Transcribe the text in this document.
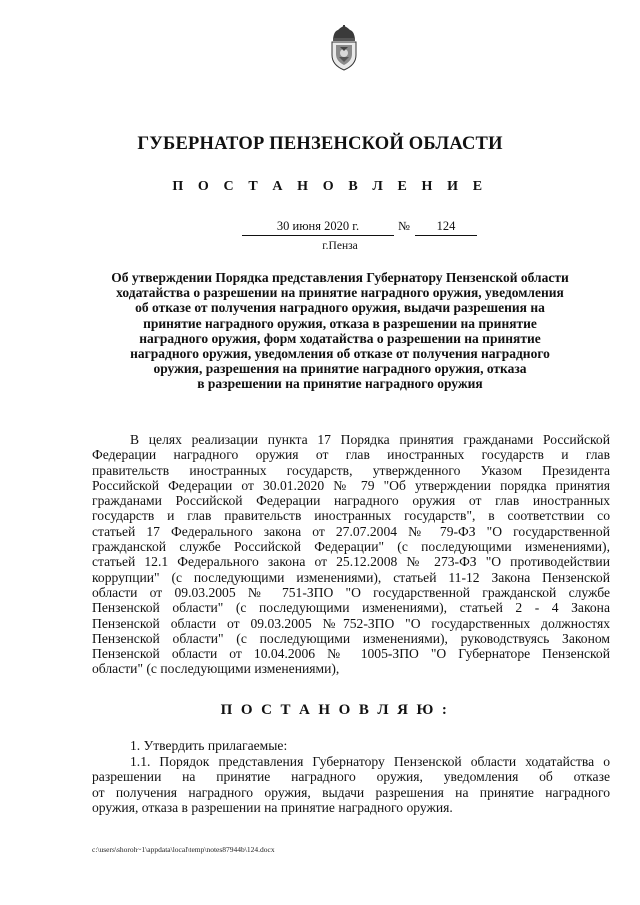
ГУБЕРНАТОР ПЕНЗЕНСКОЙ ОБЛАСТИ
П О С Т А Н О В Л Е Н И Е
30 июня 2020 г.	№	124
г.Пенза
Об утверждении Порядка представления Губернатору Пензенской области
ходатайства о разрешении на принятие наградного оружия, уведомления
об отказе от получения наградного оружия, выдачи разрешения на
принятие наградного оружия, отказа в разрешении на принятие
наградного оружия, форм ходатайства о разрешении на принятие
наградного оружия, уведомления об отказе от получения наградного
оружия, разрешения на принятие наградного оружия, отказа
в разрешении на принятие наградного оружия
В целях реализации пункта 17 Порядка принятия гражданами Российской
Федерации наградного оружия от глав иностранных государств и глав
правительств иностранных государств, утвержденного Указом Президента
Российской Федерации от 30.01.2020 № 79 "Об утверждении порядка принятия
гражданами Российской Федерации наградного оружия от глав иностранных
государств и глав правительств иностранных государств", в соответствии со
статьей 17 Федерального закона от 27.07.2004 № 79-ФЗ "О государственной
гражданской службе Российской Федерации" (с последующими изменениями),
статьей 12.1 Федерального закона от 25.12.2008 № 273-ФЗ "О противодействии
коррупции" (с последующими изменениями), статьей 11-12 Закона Пензенской
области от 09.03.2005 № 751-ЗПО "О государственной гражданской службе
Пензенской области" (с последующими изменениями), статьей 2 - 4 Закона
Пензенской области от 09.03.2005 №752-ЗПО "О государственных должностях
Пензенской области" (с последующими изменениями), руководствуясь Законом
Пензенской области от 10.04.2006 № 1005-ЗПО "О Губернаторе Пензенской
области" (с последующими изменениями),
П О С Т А Н О В Л Я Ю :
1. Утвердить прилагаемые:
1.1. Порядок представления Губернатору Пензенской области ходатайства о
разрешении на принятие наградного оружия, уведомления об отказе
от получения наградного оружия, выдачи разрешения на принятие наградного
оружия, отказа в разрешении на принятие наградного оружия.
c:\users\shoroh~1\appdata\local\temp\notes87944b\124.docx
